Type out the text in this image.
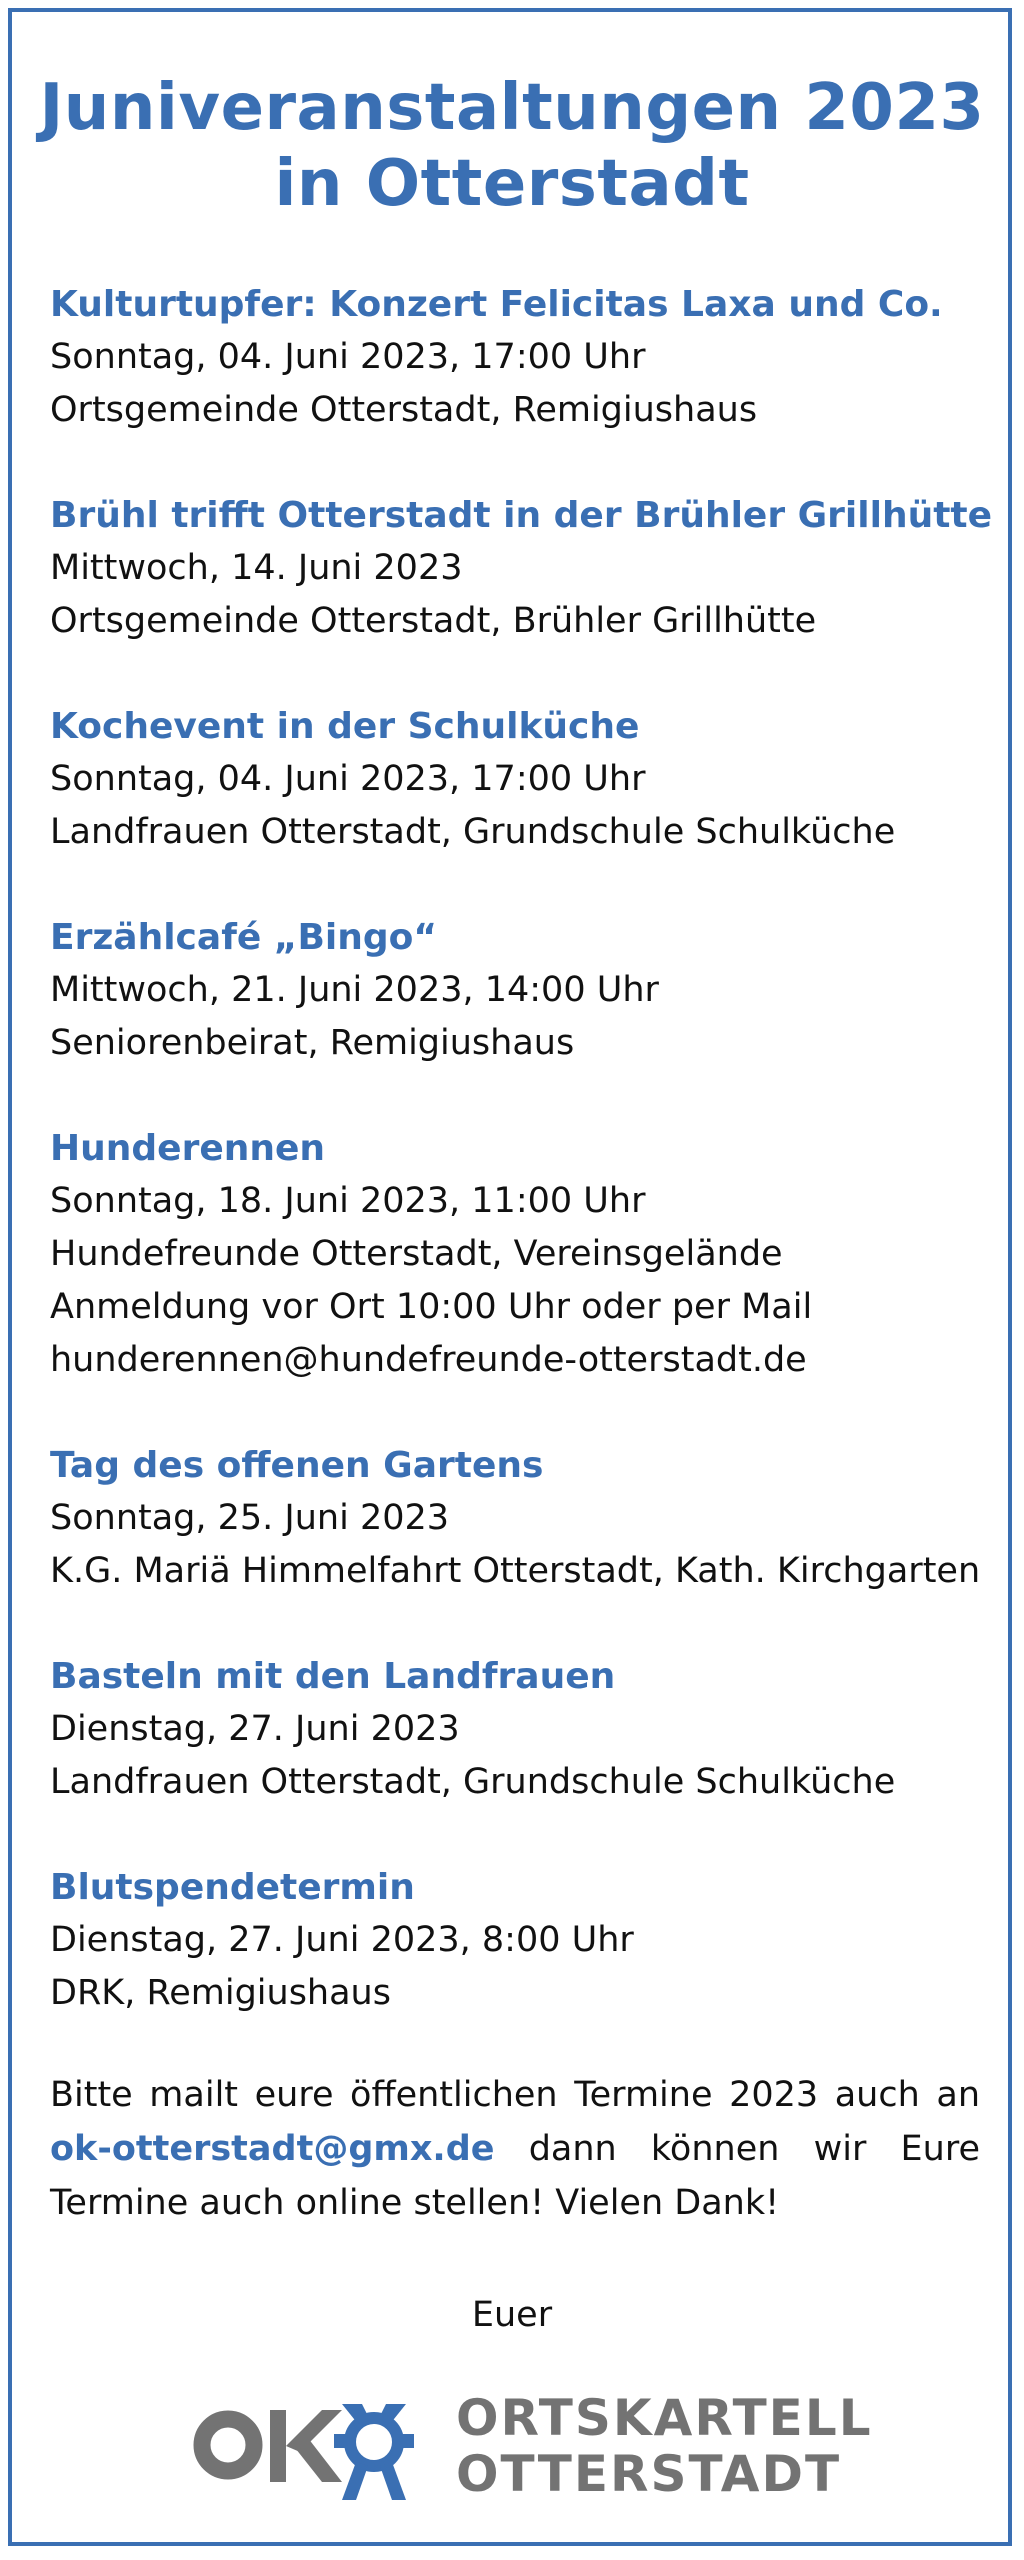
Juniveranstaltungen 2023
in Otterstadt
Kulturtupfer: Konzert Felicitas Laxa und Co.
Sonntag, 04. Juni 2023, 17:00 Uhr
Ortsgemeinde Otterstadt, Remigiushaus
Brühl trifft Otterstadt in der Brühler Grillhütte
Mittwoch, 14. Juni 2023
Ortsgemeinde Otterstadt, Brühler Grillhütte
Kochevent in der Schulküche
Sonntag, 04. Juni 2023, 17:00 Uhr
Landfrauen Otterstadt, Grundschule Schulküche
Erzählcafé „Bingo“
Mittwoch, 21. Juni 2023, 14:00 Uhr
Seniorenbeirat, Remigiushaus
Hunderennen
Sonntag, 18. Juni 2023, 11:00 Uhr
Hundefreunde Otterstadt, Vereinsgelände
Anmeldung vor Ort 10:00 Uhr oder per Mail
hunderennen@hundefreunde-otterstadt.de
Tag des offenen Gartens
Sonntag, 25. Juni 2023
K.G. Mariä Himmelfahrt Otterstadt, Kath. Kirchgarten
Basteln mit den Landfrauen
Dienstag, 27. Juni 2023
Landfrauen Otterstadt, Grundschule Schulküche
Blutspendetermin
Dienstag, 27. Juni 2023, 8:00 Uhr
DRK, Remigiushaus
Bitte mailt eure öffentlichen Termine 2023 auch an ok-otterstadt@gmx.de dann können wir Eure Termine auch online stellen! Vielen Dank!
Euer
ORTSKARTELL
OTTERSTADT
